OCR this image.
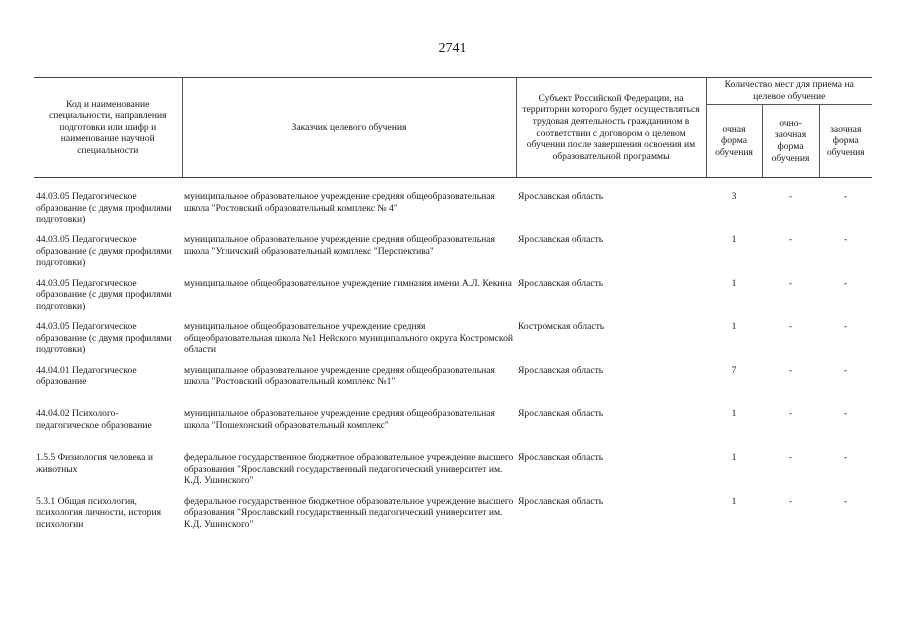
2741
Код и наименование специальности, направления подготовки или шифр и наименование научной специальности	Заказчик целевого обучения	Субъект Российской Федерации, на территории которого будет осуществляться трудовая деятельность гражданином в соответствии с договором о целевом обучении после завершения освоения им образовательной программы	Количество мест для приема на целевое обучение		
			очная форма обучения	очно-заочная форма обучения	заочная форма обучения
44.03.05 Педагогическое образование (с двумя профилями подготовки)	муниципальное образовательное учреждение средняя общеобразовательная школа "Ростовский образовательный комплекс № 4"	Ярославская область	3	-	-
44.03.05 Педагогическое образование (с двумя профилями подготовки)	муниципальное образовательное учреждение средняя общеобразовательная школа "Угличский образовательный комплекс "Перспектива"	Ярославская область	1	-	-
44.03.05 Педагогическое образование (с двумя профилями подготовки)	муниципальное общеобразовательное учреждение гимназия имени А.Л. Кекина	Ярославская область	1	-	-
44.03.05 Педагогическое образование (с двумя профилями подготовки)	муниципальное общеобразовательное учреждение средняя общеобразовательная школа №1 Нейского муниципального округа Костромской области	Костромская область	1	-	-
44.04.01 Педагогическое образование	муниципальное образовательное учреждение средняя общеобразовательная школа "Ростовский образовательный комплекс №1"	Ярославская область	7	-	-
44.04.02 Психолого-педагогическое образование	муниципальное образовательное учреждение средняя общеобразовательная школа "Пошехонский образовательный комплекс"	Ярославская область	1	-	-
1.5.5 Физиология человека и животных	федеральное государственное бюджетное образовательное учреждение высшего образования "Ярославский государственный педагогический университет им. К.Д. Ушинского"	Ярославская область	1	-	-
5.3.1 Общая психология, психология личности, история психологии	федеральное государственное бюджетное образовательное учреждение высшего образования "Ярославский государственный педагогический университет им. К.Д. Ушинского"	Ярославская область	1	-	-
